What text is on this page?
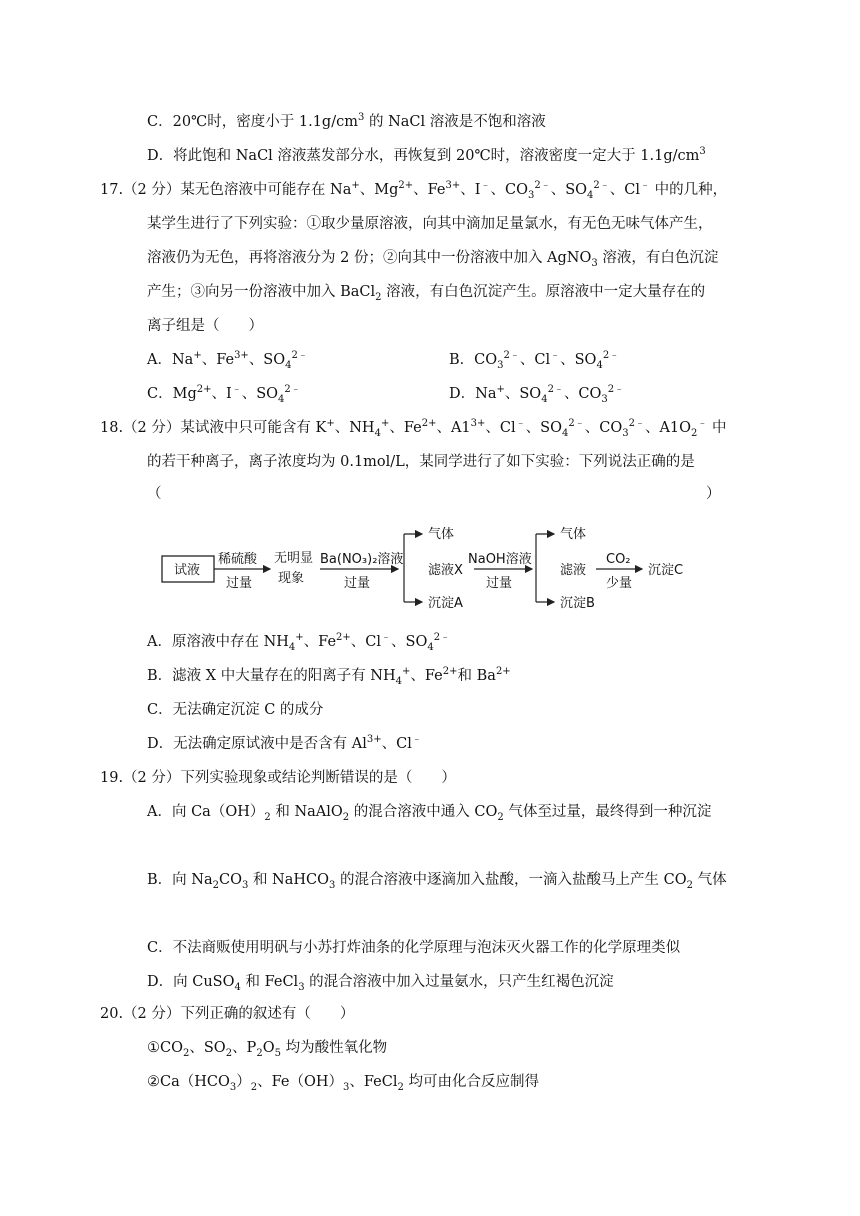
C．20℃时，密度小于 $1.1g/cm^3$ 的 NaCl 溶液是不饱和溶液
D．将此饱和 NaCl 溶液蒸发部分水，再恢复到 20℃时，溶液密度一定大于 $1.1g/cm^3$
17.（2 分）某无色溶液中可能存在 Na+、$Mg^{2+}$、$Fe^{3+}$、I﹣、$CO_3^{2﹣}$、$SO_4^{2﹣}$、Cl﹣ 中的几种，
某学生进行了下列实验：①取少量原溶液，向其中滴加足量氯水，有无色无味气体产生，
溶液仍为无色，再将溶液分为 2 份；②向其中一份溶液中加入 AgNO$_3$ 溶液，有白色沉淀
产生；③向另一份溶液中加入 BaCl$_2$ 溶液，有白色沉淀产生。原溶液中一定大量存在的
离子组是（　　）
A．Na+、$Fe^{3+}$、$SO_4^{2﹣}$	B．$CO_3^{2﹣}$、Cl﹣、$SO_4^{2﹣}$
C．$Mg^{2+}$、I﹣、$SO_4^{2﹣}$	D．Na+、$SO_4^{2﹣}$、$CO_3^{2﹣}$
18.（2 分）某试液中只可能含有 K+、$NH_4^+$、$Fe^{2+}$、$A1^{3+}$、Cl﹣、$SO_4^{2﹣}$、$CO_3^{2﹣}$、$A1O_2^﹣$ 中
的若干种离子，离子浓度均为 0.1mol/L，某同学进行了如下实验：下列说法正确的是
（	）
试液
稀硫酸
过量
无明显
现象
Ba(NO₃)₂溶液
过量
气体
滤液X
沉淀A
NaOH溶液
过量
气体
滤液
沉淀B
CO₂
少量
沉淀C
A．原溶液中存在 $NH_4^+$、$Fe^{2+}$、Cl﹣、$SO_4^{2﹣}$
B．滤液 X 中大量存在的阳离子有 $NH_4^+$、$Fe^{2+}$和 $Ba^{2+}$
C．无法确定沉淀 C 的成分
D．无法确定原试液中是否含有 $Al^{3+}$、Cl﹣
19.（2 分）下列实验现象或结论判断错误的是（　　）
A．向 $Ca(OH)_2$ 和 NaAlO$_2$ 的混合溶液中通入 $CO_2$ 气体至过量，最终得到一种沉淀
B．向 $Na_2CO_3$ 和 NaHCO$_3$ 的混合溶液中逐滴加入盐酸，一滴入盐酸马上产生 $CO_2$ 气体
C．不法商贩使用明矾与小苏打炸油条的化学原理与泡沫灭火器工作的化学原理类似
D．向 CuSO$_4$ 和 FeCl$_3$ 的混合溶液中加入过量氨水，只产生红褐色沉淀
20.（2 分）下列正确的叙述有（　　）
$①CO_2$、$SO_2$、$P_2O_5$ 均为酸性氧化物
$②Ca(HCO_3)_2$、$Fe(OH)_3$、FeCl$_2$ 均可由化合反应制得
